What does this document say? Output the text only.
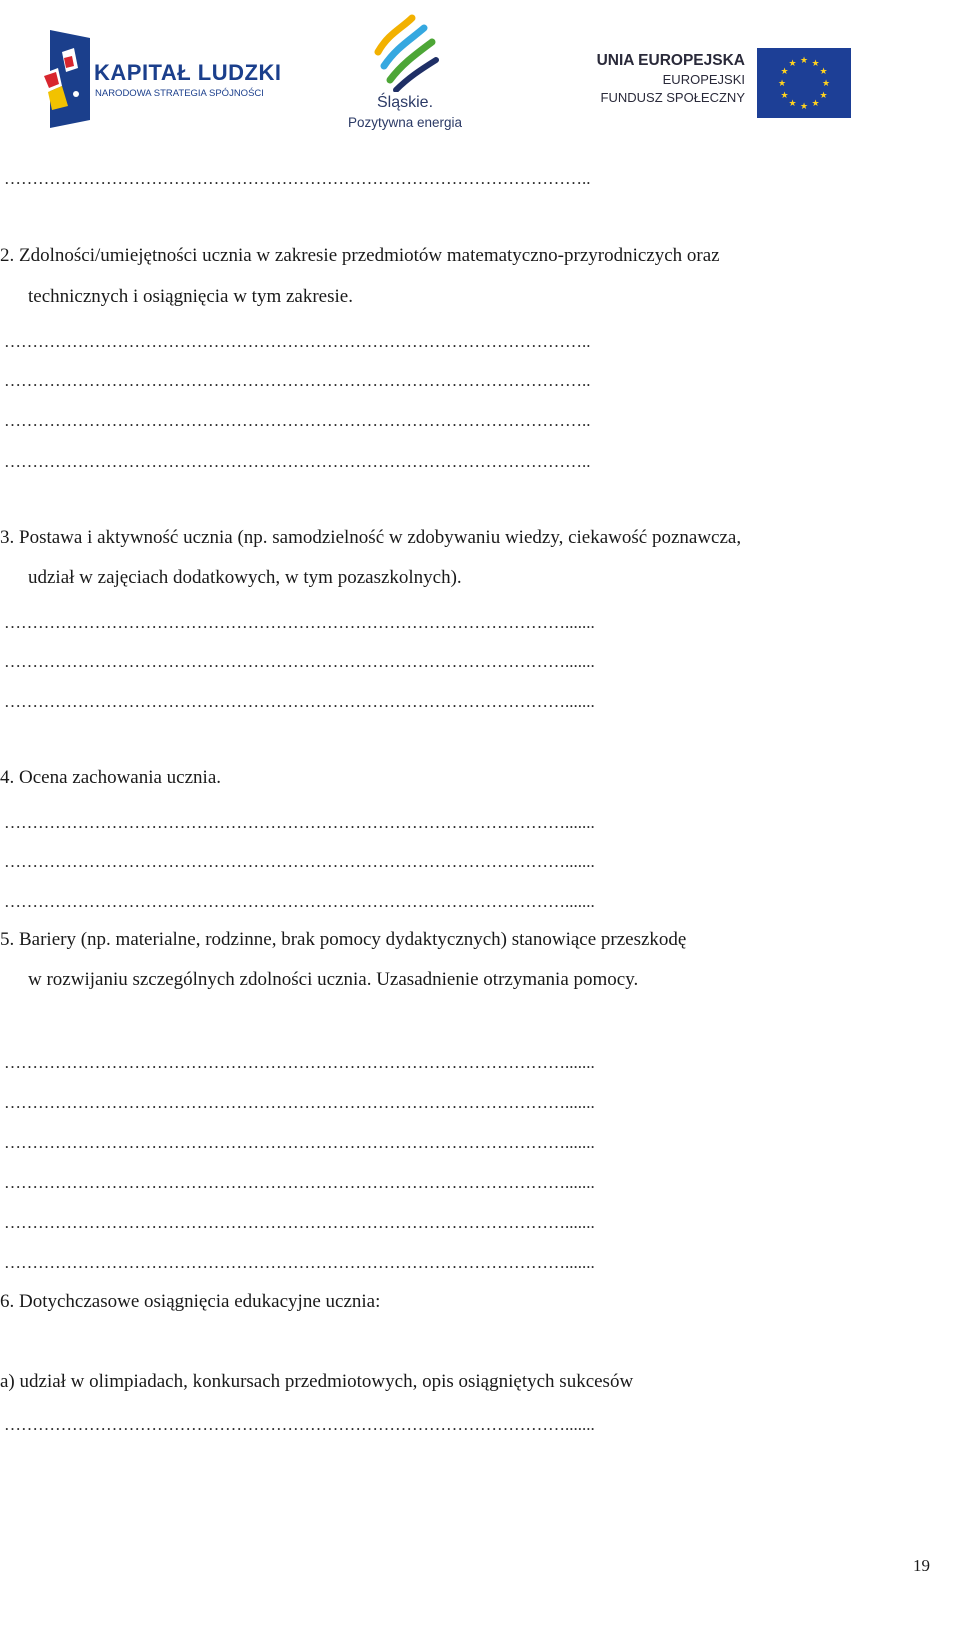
KAPITAŁ LUDZKI
NARODOWA STRATEGIA SPÓJNOŚCI
Śląskie.
Pozytywna energia
UNIA EUROPEJSKA
EUROPEJSKI
FUNDUSZ SPOŁECZNY
★ ★
★
★
★
★
★
★
★
★
★
★
…………………………………………………………………………………………..
2. Zdolności/umiejętności ucznia w zakresie przedmiotów matematyczno-przyrodniczych oraz
technicznych i osiągnięcia w tym zakresie.
…………………………………………………………………………………………..
…………………………………………………………………………………………..
…………………………………………………………………………………………..
…………………………………………………………………………………………..
3. Postawa i aktywność ucznia (np. samodzielność w zdobywaniu wiedzy, ciekawość poznawcza,
udział w zajęciach dodatkowych, w tym pozaszkolnych).
……………………………………………………………………………………….......
……………………………………………………………………………………….......
……………………………………………………………………………………….......
4. Ocena zachowania ucznia.
……………………………………………………………………………………….......
……………………………………………………………………………………….......
……………………………………………………………………………………….......
5. Bariery (np. materialne, rodzinne, brak pomocy dydaktycznych) stanowiące przeszkodę
w rozwijaniu szczególnych zdolności ucznia. Uzasadnienie otrzymania pomocy.
……………………………………………………………………………………….......
……………………………………………………………………………………….......
……………………………………………………………………………………….......
……………………………………………………………………………………….......
……………………………………………………………………………………….......
……………………………………………………………………………………….......
6. Dotychczasowe osiągnięcia edukacyjne ucznia:
a) udział w olimpiadach, konkursach przedmiotowych, opis osiągniętych sukcesów
……………………………………………………………………………………….......
19
